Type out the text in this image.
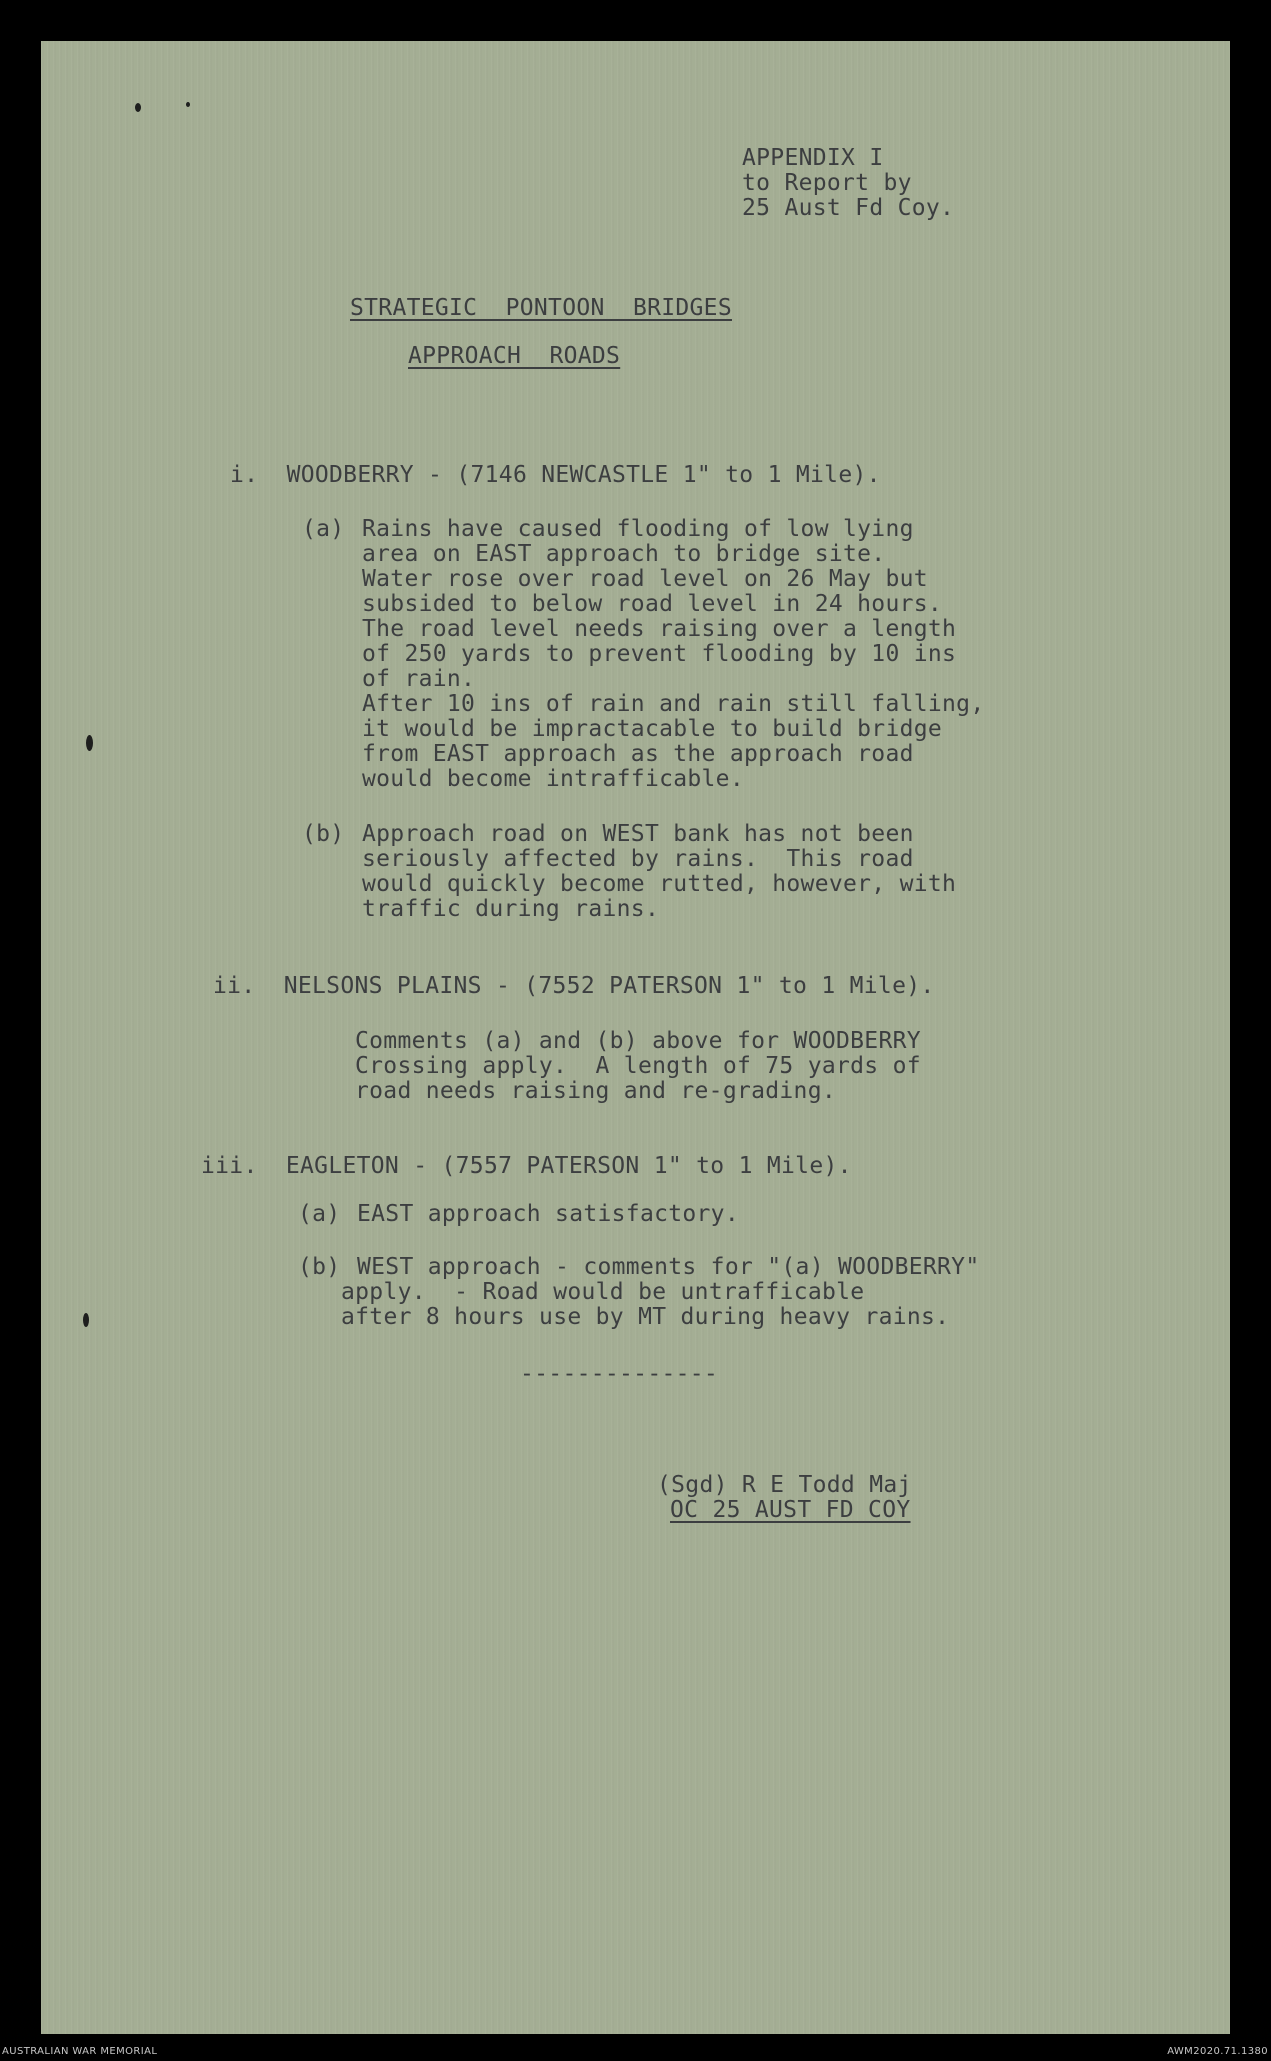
APPENDIX I
to Report by
25 Aust Fd Coy.
STRATEGIC  PONTOON  BRIDGES
APPROACH  ROADS
i.  WOODBERRY - (7146 NEWCASTLE 1" to 1 Mile).
(a) Rains have caused flooding of low lying
area on EAST approach to bridge site.
Water rose over road level on 26 May but
subsided to below road level in 24 hours.
The road level needs raising over a length
of 250 yards to prevent flooding by 10 ins
of rain.
After 10 ins of rain and rain still falling,
it would be impractacable to build bridge
from EAST approach as the approach road
would become intrafficable.
(b) Approach road on WEST bank has not been
seriously affected by rains.  This road
would quickly become rutted, however, with
traffic during rains.
ii.  NELSONS PLAINS - (7552 PATERSON 1" to 1 Mile).
Comments (a) and (b) above for WOODBERRY
Crossing apply.  A length of 75 yards of
road needs raising and re-grading.
iii.  EAGLETON - (7557 PATERSON 1" to 1 Mile).
(a) EAST approach satisfactory.
(b) WEST approach - comments for "(a) WOODBERRY"
apply.  - Road would be untrafficable
after 8 hours use by MT during heavy rains.
--------------
(Sgd) R E Todd Maj
OC 25 AUST FD COY
AUSTRALIAN WAR MEMORIAL	AWM2020.71.1380
